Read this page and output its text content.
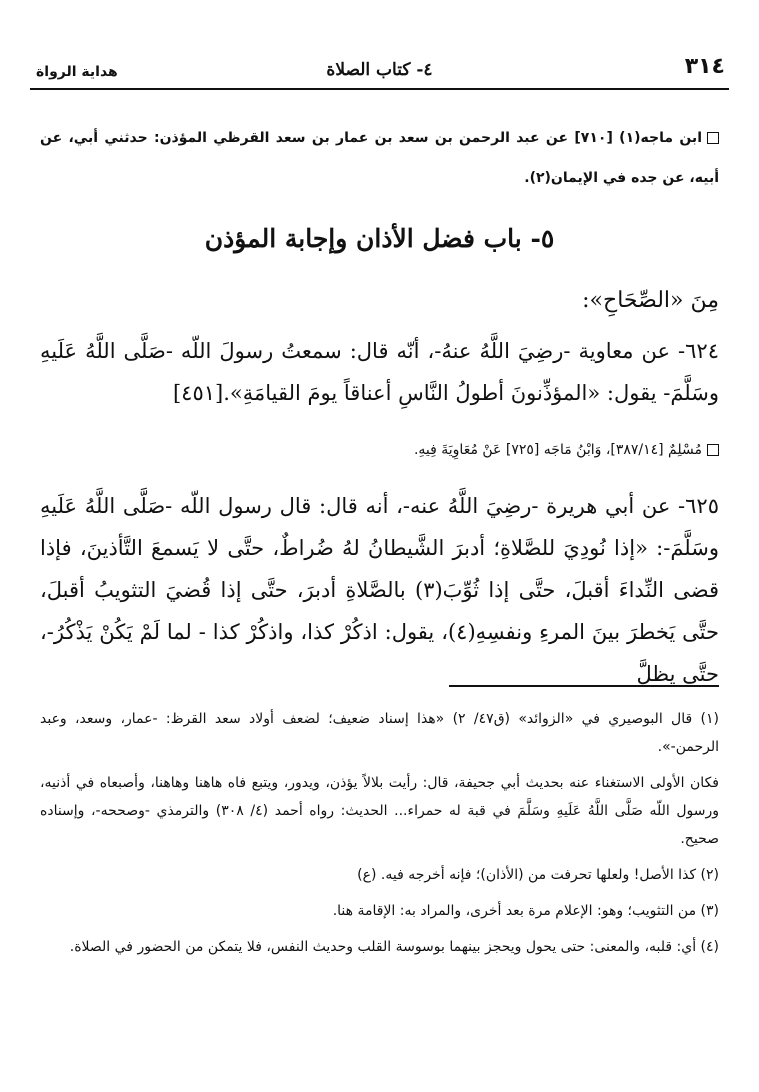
٣١٤
٤- كتاب الصلاة
هداية الرواة

ابن ماجه(١) [٧١٠] عن عبد الرحمن بن سعد بن عمار بن سعد القرظي المؤذن: حدثني أبي، عن أبيه، عن جده في الإيمان(٢).

٥- باب فضل الأذان وإجابة المؤذن
مِنَ «الصِّحَاحِ»:

٦٢٤- عن معاوية -رضِيَ اللَّهُ عنهُ-، أنّه قال: سمعتُ رسولَ اللّه -صَلَّى اللَّهُ عَلَيهِ وسَلَّمَ- يقول: «المؤذِّنونَ أطولُ النَّاسِ أعناقاً يومَ القيامَةِ».[٤٥١]

مُسْلِمٌ [٣٨٧/١٤]، وَابْنُ مَاجَه [٧٢٥] عَنْ مُعَاوِيَةَ فِيهِ.

٦٢٥- عن أبي هريرة -رضِيَ اللَّهُ عنه-، أنه قال: قال رسول اللّه -صَلَّى اللَّهُ عَلَيهِ وسَلَّمَ-: «إذا نُودِيَ للصَّلاةِ؛ أدبرَ الشَّيطانُ لهُ ضُراطٌ، حتَّى لا يَسمعَ التَّأذينَ، فإذا قضى النِّداءَ أقبلَ، حتَّى إذا ثُوِّبَ(٣) بالصَّلاةِ أدبرَ، حتَّى إذا قُضيَ التثويبُ أقبلَ، حتَّى يَخطرَ بينَ المرءِ ونفسِهِ(٤)، يقول: اذكُرْ كذا، واذكُرْ كذا - لما لَمْ يَكُنْ يَذْكُرُ-، حتَّى يظلَّ

(١) قال البوصيري في «الزوائد» (ق٤٧/ ٢) «هذا إسناد ضعيف؛ لضعف أولاد سعد القرظ: -عمار، وسعد، وعبد الرحمن-».

فكان الأولى الاستغناء عنه بحديث أبي جحيفة، قال: رأيت بلالاً يؤذن، ويدور، ويتبع فاه هاهنا وهاهنا، وأصبعاه في أذنيه، ورسول اللّه صَلَّى اللَّهُ عَلَيهِ وسَلَّمَ في قبة له حمراء... الحديث: رواه أحمد (٤/ ٣٠٨) والترمذي -وصححه-، وإسناده صحيح.

(٢) كذا الأصل! ولعلها تحرفت من (الأذان)؛ فإنه أخرجه فيه. (ع)

(٣) من التثويب؛ وهو: الإعلام مرة بعد أخرى، والمراد به: الإقامة هنا.

(٤) أي: قلبه، والمعنى: حتى يحول ويحجز بينهما بوسوسة القلب وحديث النفس، فلا يتمكن من الحضور في الصلاة.
